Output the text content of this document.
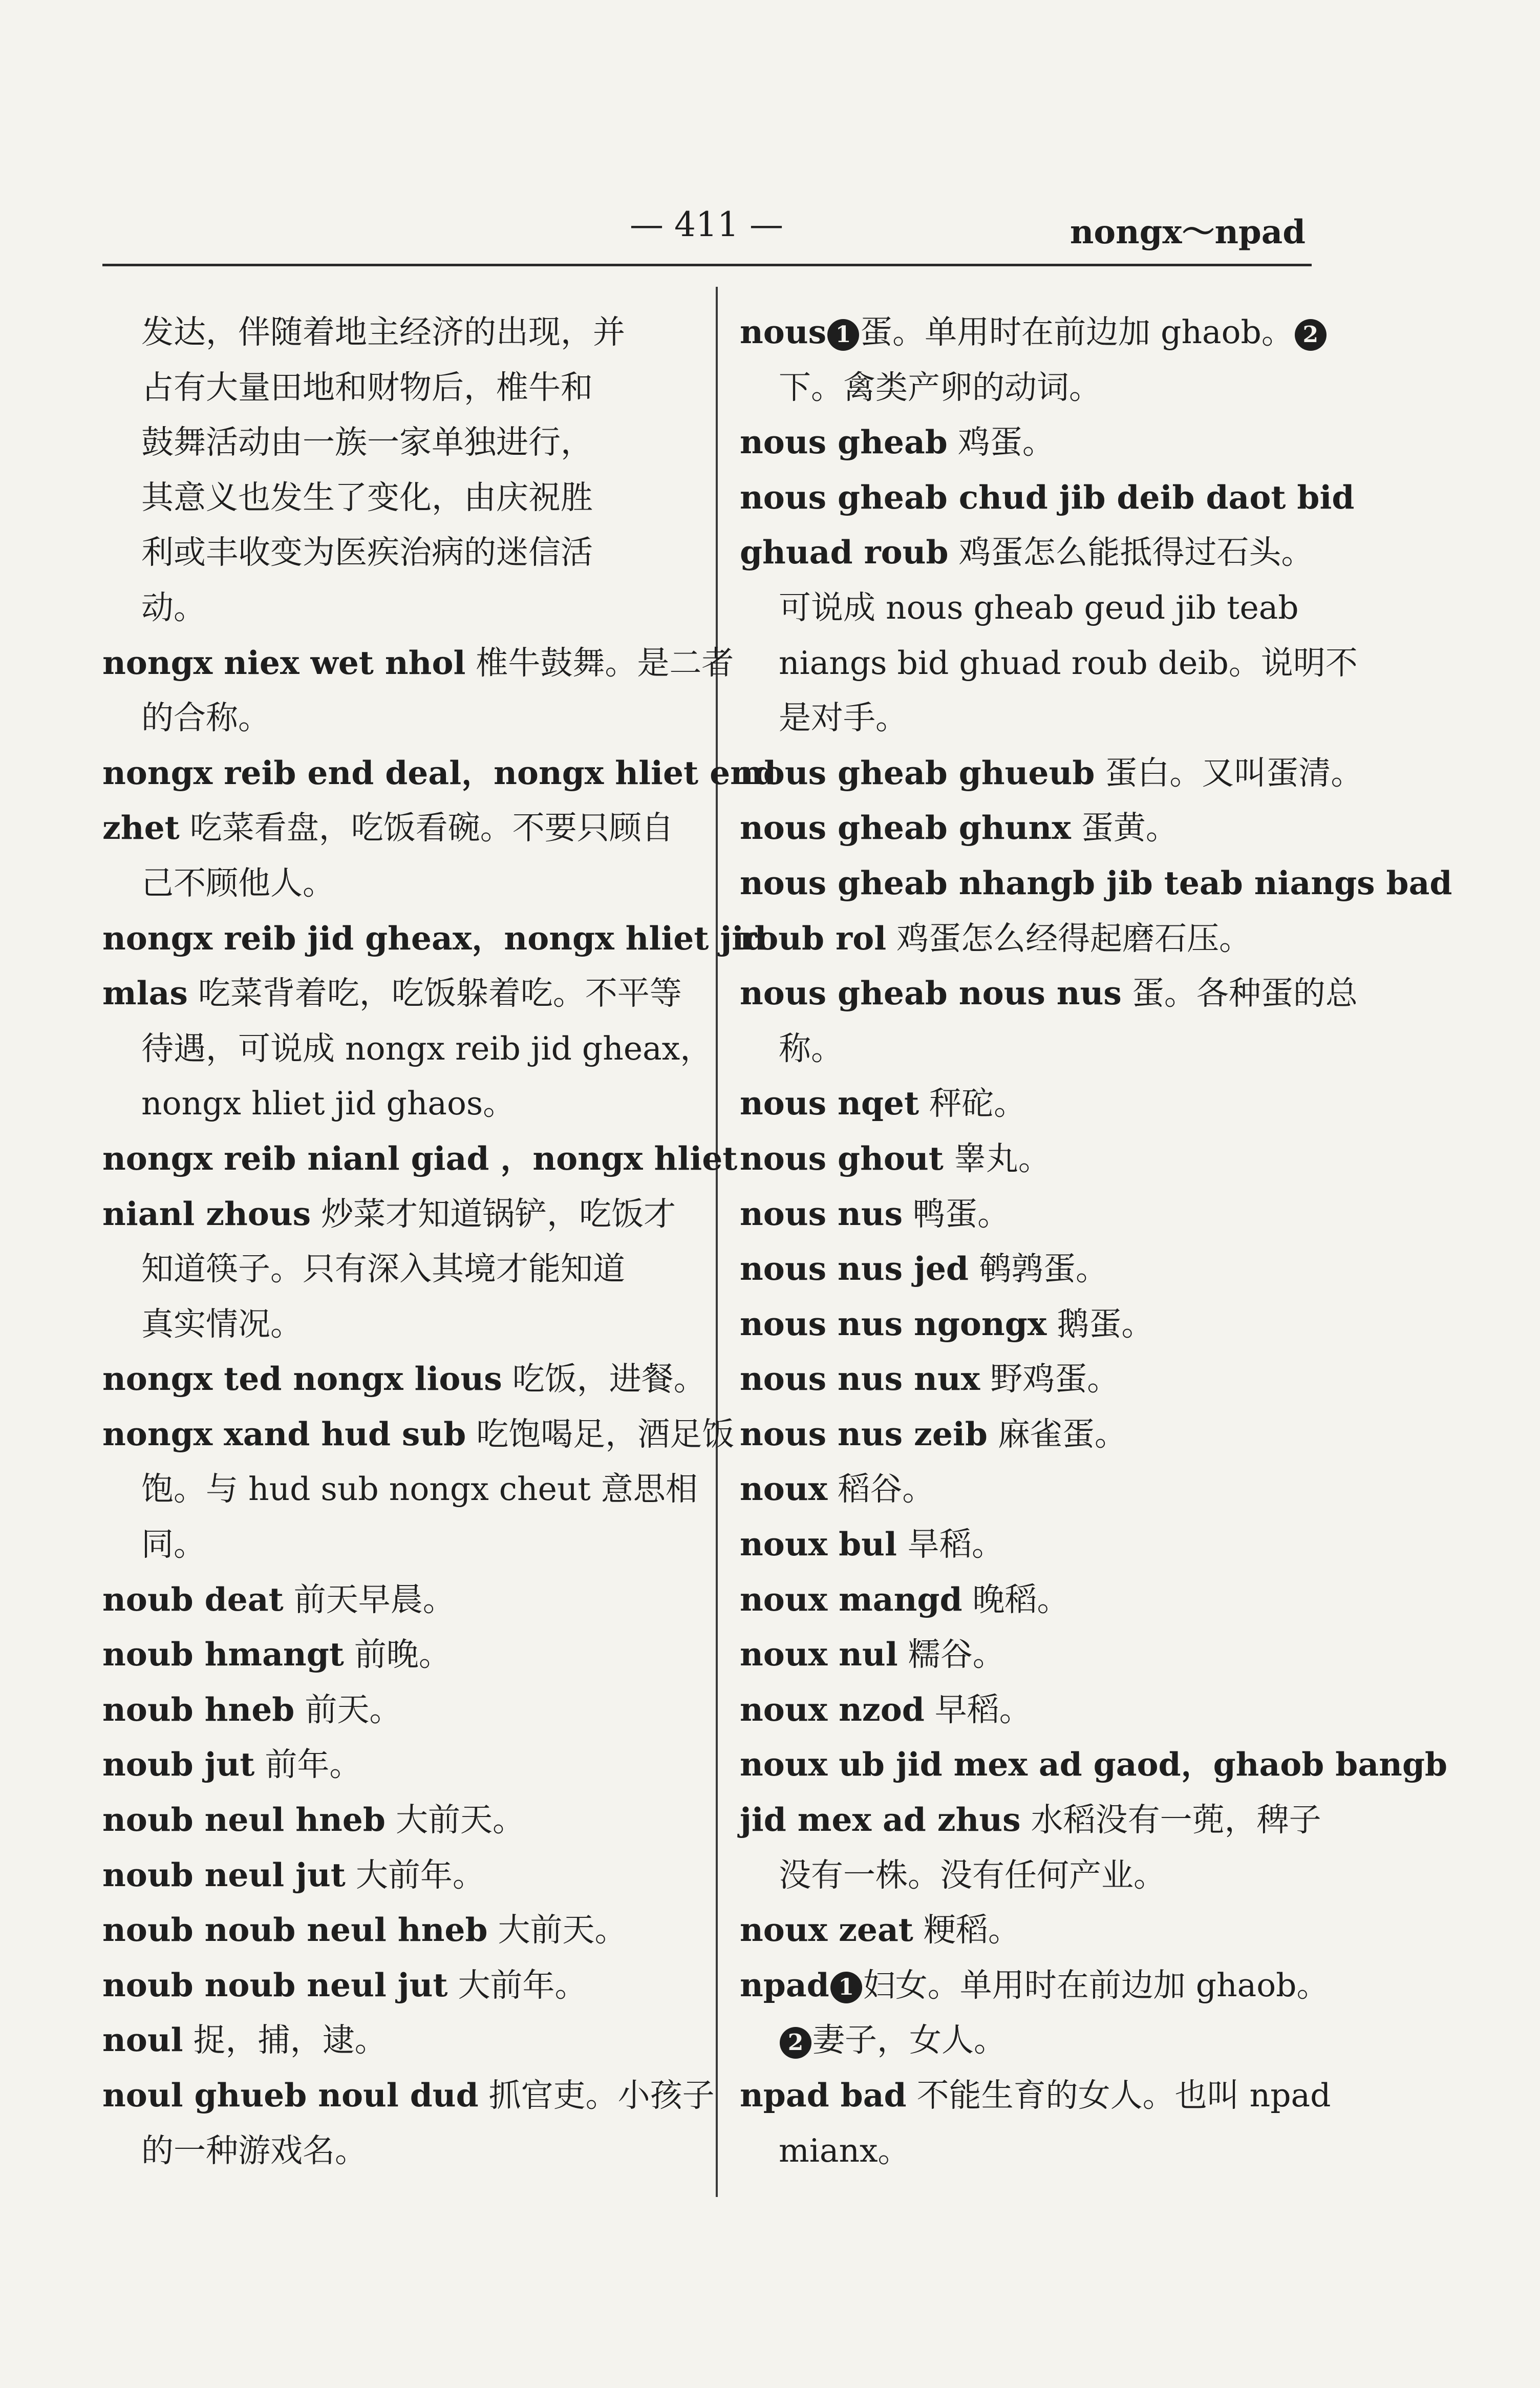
— 411 —	nongx～npad
发达，伴随着地主经济的出现，并
占有大量田地和财物后，椎牛和
鼓舞活动由一族一家单独进行，
其意义也发生了变化，由庆祝胜
利或丰收变为医疾治病的迷信活
动。
nongx niex wet nhol 椎牛鼓舞。是二者
的合称。
nongx reib end deal，nongx hliet end
zhet 吃菜看盘，吃饭看碗。不要只顾自
己不顾他人。
nongx reib jid gheax，nongx hliet jid
mlas 吃菜背着吃，吃饭躲着吃。不平等
待遇，可说成 nongx reib jid gheax，
nongx hliet jid ghaos。
nongx reib nianl giad ，nongx hliet
nianl zhous 炒菜才知道锅铲，吃饭才
知道筷子。只有深入其境才能知道
真实情况。
nongx ted nongx lious 吃饭，进餐。
nongx xand hud sub 吃饱喝足，酒足饭
饱。与 hud sub nongx cheut 意思相
同。
noub deat 前天早晨。
noub hmangt 前晚。
noub hneb 前天。
noub jut 前年。
noub neul hneb 大前天。
noub neul jut 大前年。
noub noub neul hneb 大前天。
noub noub neul jut 大前年。
noul 捉，捕，逮。
noul ghueb noul dud 抓官吏。小孩子
的一种游戏名。
nous 1 蛋。单用时在前边加 ghaob。 2
下。禽类产卵的动词。
nous gheab 鸡蛋。
nous gheab chud jib deib daot bid
ghuad roub 鸡蛋怎么能抵得过石头。
可说成 nous gheab geud jib teab
niangs bid ghuad roub deib。说明不
是对手。
nous gheab ghueub 蛋白。又叫蛋清。
nous gheab ghunx 蛋黄。
nous gheab nhangb jib teab niangs bad
roub rol 鸡蛋怎么经得起磨石压。
nous gheab nous nus 蛋。各种蛋的总
称。
nous nqet 秤砣。
nous ghout 睾丸。
nous nus 鸭蛋。
nous nus jed 鹌鹑蛋。
nous nus ngongx 鹅蛋。
nous nus nux 野鸡蛋。
nous nus zeib 麻雀蛋。
noux 稻谷。
noux bul 旱稻。
noux mangd 晚稻。
noux nul 糯谷。
noux nzod 早稻。
noux ub jid mex ad gaod，ghaob bangb
jid mex ad zhus 水稻没有一蔸，稗子
没有一株。没有任何产业。
noux zeat 粳稻。
npad 1 妇女。单用时在前边加 ghaob。
2 妻子，女人。
npad bad 不能生育的女人。也叫 npad
mianx。
